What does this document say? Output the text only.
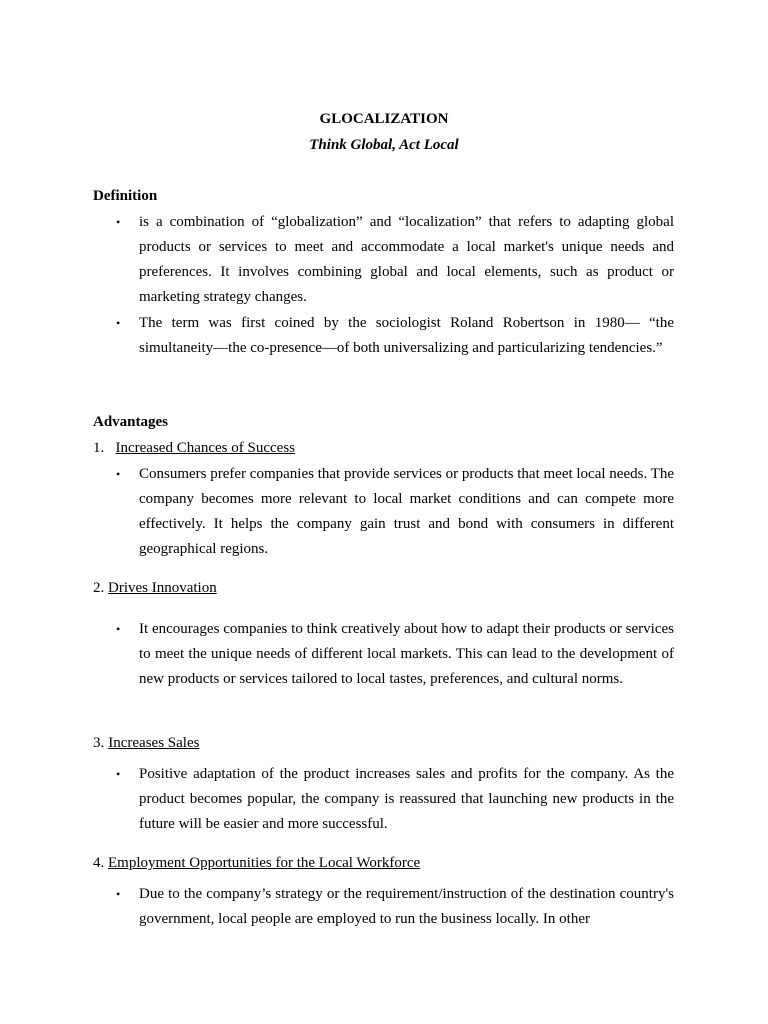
GLOCALIZATION
Think Global, Act Local
Definition
• is a combination of “globalization” and “localization” that refers to adapting global products or services to meet and accommodate a local market's unique needs and preferences. It involves combining global and local elements, such as product or marketing strategy changes.
• The term was first coined by the sociologist Roland Robertson in 1980— “the simultaneity—the co-presence—of both universalizing and particularizing tendencies.”
Advantages
1. Increased Chances of Success
• Consumers prefer companies that provide services or products that meet local needs. The company becomes more relevant to local market conditions and can compete more effectively. It helps the company gain trust and bond with consumers in different geographical regions.
2. Drives Innovation
• It encourages companies to think creatively about how to adapt their products or services to meet the unique needs of different local markets. This can lead to the development of new products or services tailored to local tastes, preferences, and cultural norms.
3. Increases Sales
• Positive adaptation of the product increases sales and profits for the company. As the product becomes popular, the company is reassured that launching new products in the future will be easier and more successful.
4. Employment Opportunities for the Local Workforce
• Due to the company’s strategy or the requirement/instruction of the destination country's government, local people are employed to run the business locally. In other
